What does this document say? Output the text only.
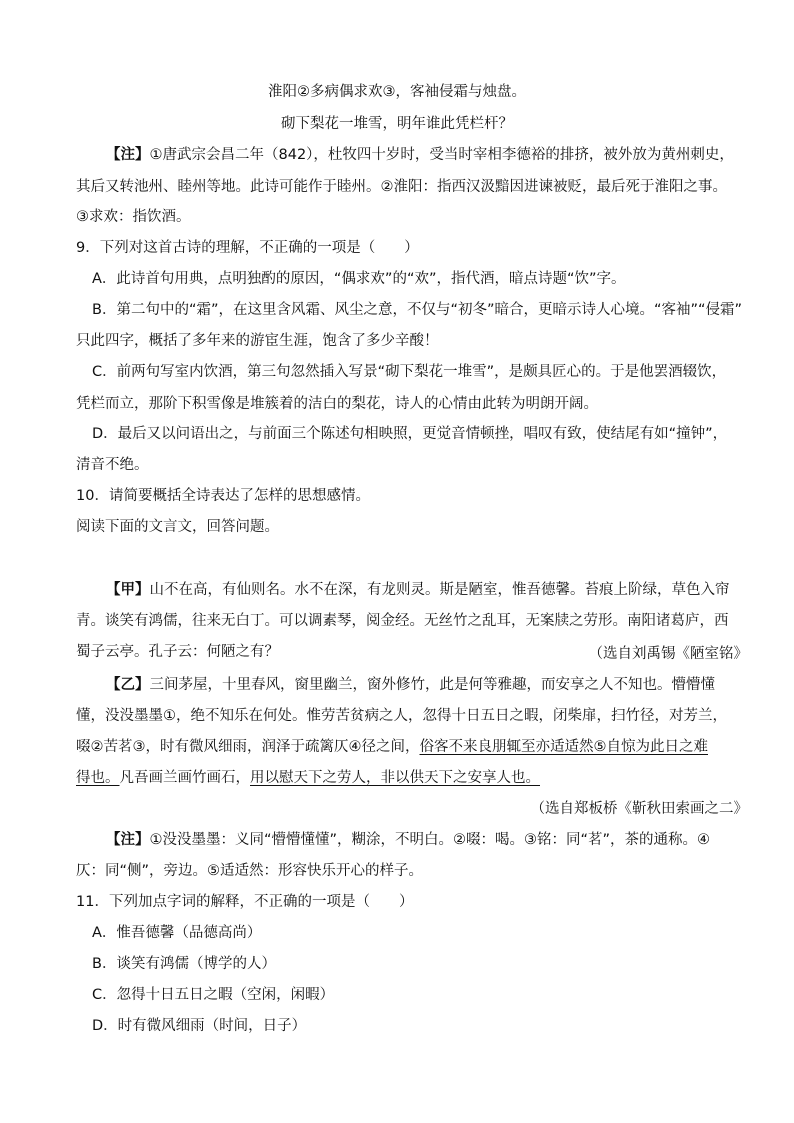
淮阳②多病偶求欢③，客袖侵霜与烛盘。
砌下梨花一堆雪，明年谁此凭栏杆？
【注】①唐武宗会昌二年（842），杜牧四十岁时，受当时宰相李德裕的排挤，被外放为黄州刺史，
其后又转池州、睦州等地。此诗可能作于睦州。②淮阳：指西汉汲黯因进谏被贬，最后死于淮阳之事。
③求欢：指饮酒。
9．下列对这首古诗的理解，不正确的一项是（　　）
A．此诗首句用典，点明独酌的原因，“偶求欢”的“欢”，指代酒，暗点诗题“饮”字。
B．第二句中的“霜”，在这里含风霜、风尘之意，不仅与“初冬”暗合，更暗示诗人心境。“客袖”“侵霜”
只此四字，概括了多年来的游宦生涯，饱含了多少辛酸！
C．前两句写室内饮酒，第三句忽然插入写景“砌下梨花一堆雪”，是颇具匠心的。于是他罢酒辍饮，
凭栏而立，那阶下积雪像是堆簇着的洁白的梨花，诗人的心情由此转为明朗开阔。
D．最后又以问语出之，与前面三个陈述句相映照，更觉音情顿挫，唱叹有致，使结尾有如“撞钟”，
清音不绝。
10．请简要概括全诗表达了怎样的思想感情。
阅读下面的文言文，回答问题。
【甲】山不在高，有仙则名。水不在深，有龙则灵。斯是陋室，惟吾德馨。苔痕上阶绿，草色入帘
青。谈笑有鸿儒，往来无白丁。可以调素琴，阅金经。无丝竹之乱耳，无案牍之劳形。南阳诸葛庐，西
蜀子云亭。孔子云：何陋之有？	（选自刘禹锡《陋室铭》
【乙】三间茅屋，十里春风，窗里幽兰，窗外修竹，此是何等雅趣，而安享之人不知也。懵懵懂
懂，没没墨墨①，绝不知乐在何处。惟劳苦贫病之人，忽得十日五日之暇，闭柴扉，扫竹径，对芳兰，
啜②苦茗③，时有微风细雨，润泽于疏篱仄④径之间，俗客不来良朋辄至亦适适然⑤自惊为此日之难
得也。凡吾画兰画竹画石，用以慰天下之劳人，非以供天下之安享人也。
（选自郑板桥《靳秋田索画之二》
【注】①没没墨墨：义同“懵懵懂懂”，糊涂，不明白。②啜：喝。③铭：同“茗”，茶的通称。④
仄：同“侧”，旁边。⑤适适然：形容快乐开心的样子。
11．下列加点字词的解释，不正确的一项是（　　）
A．惟吾德馨（品德高尚）
B．谈笑有鸿儒（博学的人）
C．忽得十日五日之暇（空闲，闲暇）
D．时有微风细雨（时间，日子）
